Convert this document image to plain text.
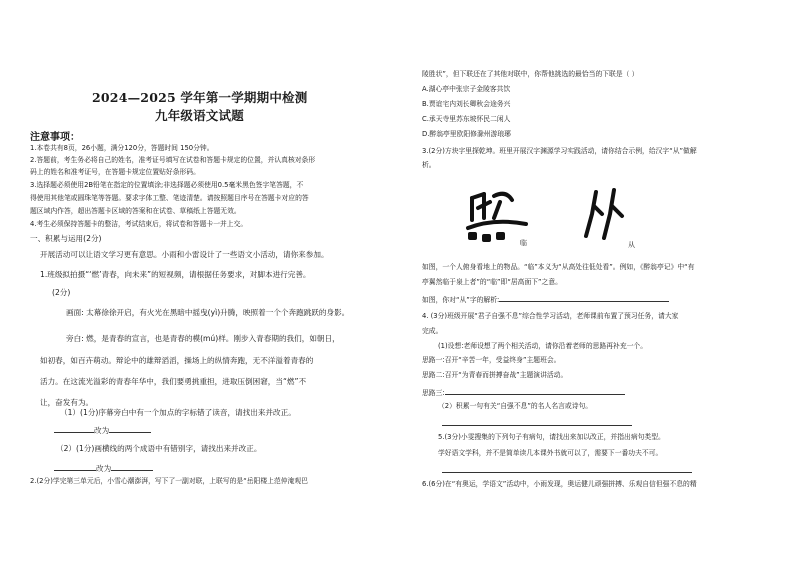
2024—2025 学年第一学期期中检测
九年级语文试题
注意事项：
1.本卷共有8页，26小题，满分120分，答题时间 150分钟。
2.答题前，考生务必将自己的姓名，准考证号填写在试卷和答题卡规定的位置，并认真核对条形
码上的姓名和准考证号，在答题卡规定位置贴好条形码。
3.选择题必须使用2B铅笔在指定的位置填涂;非选择题必须使用0.5毫米黑色签字笔答题，不
得使用其他笔或圆珠笔等答题。要求字体工整、笔迹清楚。请按照题目序号在答题卡对应的答
题区域内作答，超出答题卡区域的答案和在试卷、草稿纸上答题无效。
4.考生必须保持答题卡的整洁，考试结束后，将试卷和答题卡一并上交。
一、积累与运用(2分)
开展活动可以让语文学习更有意思。小雨和小雷设计了一些语文小活动，请你来参加。
1.班级拟拍摄“‘燃’青春，向未来”的短视频，请根据任务要求，对脚本进行完善。
(2分)
画面: 太幕徐徐开启，有火光在黑暗中摇曳(yì)升腾，映照着一个个奔跑跳跃的身影。
旁白: 燃，是青春的宣言，也是青春的模(mú)样。刚步入青春期的我们，如朝日，
如初春，如百卉萌动。辩论中的雄辩滔滔，操场上的纵情奔跑，无不洋溢着青春的
活力。在这流光溢彩的青春年华中，我们要勇挑重担，进取压倒困窘，当“燃”不
让，奋发有为。
（1）(1分)序幕旁白中有一个加点的字标错了读音，请找出来并改正。
改为
（2）(1分)画横线的两个成语中有错别字，请找出来并改正。
改为
2.(2分)学完第三单元后，小雪心潮澎湃，写下了一副对联，上联写的是“岳阳楼上范仲淹观巴
陵胜状”，但下联还在了其他对联中，你帮他挑选的最恰当的下联是（ ）
A.湖心亭中张宗子金陵客共饮
B.贾谊宅内刘长卿秋会途务兴
C.承天寺里苏东坡怀民二闲人
D.醉翁亭里欧阳修滁州游琅琊
3.(2分)方块字里探乾坤。班里开展汉字渊源学习实践活动，请你结合示例，给汉字“从”做解
析。
临	从
如图，一个人俯身看地上的物品。“临”本义为“从高处往低处看”。例如，《醉翁亭记》中“有
亭翼然临于泉上者”的“临”即“居高面下”之意。
如图，你对“从”字的解析:
4. (3分)班级开展“君子自强不息”综合性学习活动，老师课前布置了预习任务，请大家
完成。
(1)设想:老师设想了两个相关活动，请你沿着老师的思路再补充一个。
思路一:召开“辛苦一年，受益终身”主题班会。
思路二:召开“为青春而拼搏奋战”主题演讲活动。
思路三:
（2）积累一句有关“自强不息”的名人名言或诗句。
5.(3分)小雯搜集的下列句子有病句，请找出来加以改正，并指出病句类型。
学好语文学科，并不是简单读几本课外书就可以了，需要下一番功夫不可。
6.(6分)在“有奥运，学语文”活动中，小雨发现，奥运健儿顽强拼搏、乐观自信但强不息的精
